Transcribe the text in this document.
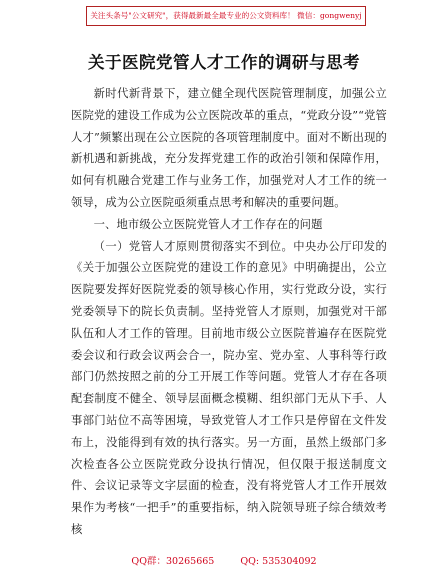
关注头条号"公文研究"，获得最新最全最专业的公文资料库！ 微信：gongwenyj
关于医院党管人才工作的调研与思考

新时代新背景下，建立健全现代医院管理制度，加强公立医院党的建设工作成为公立医院改革的重点，“党政分设”“党管人才”频繁出现在公立医院的各项管理制度中。面对不断出现的新机遇和新挑战，充分发挥党建工作的政治引领和保障作用，如何有机融合党建工作与业务工作，加强党对人才工作的统一领导，成为公立医院亟须重点思考和解决的重要问题。

一、地市级公立医院党管人才工作存在的问题

（一）党管人才原则贯彻落实不到位。中央办公厅印发的《关于加强公立医院党的建设工作的意见》中明确提出，公立医院要发挥好医院党委的领导核心作用，实行党政分设，实行党委领导下的院长负责制。坚持党管人才原则，加强党对干部队伍和人才工作的管理。目前地市级公立医院普遍存在医院党委会议和行政会议两会合一，院办室、党办室、人事科等行政部门仍然按照之前的分工开展工作等问题。党管人才存在各项配套制度不健全、领导层面概念模糊、组织部门无从下手、人事部门站位不高等困境，导致党管人才工作只是停留在文件发布上，没能得到有效的执行落实。另一方面，虽然上级部门多次检查各公立医院党政分设执行情况，但仅限于报送制度文件、会议记录等文字层面的检查，没有将党管人才工作开展效果作为考核“一把手”的重要指标，纳入院领导班子综合绩效考核

QQ群：30265665	QQ: 535304092
